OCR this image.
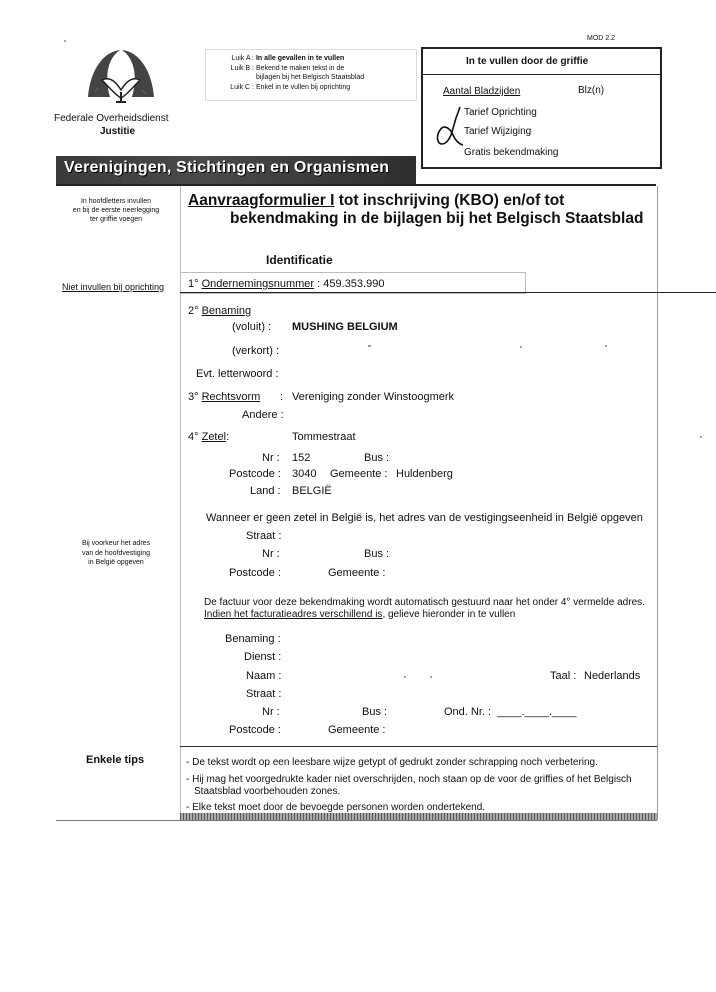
MOD 2.2
Federale Overheidsdienst
Justitie
Luik A : In alle gevallen in te vullen
Luik B : Bekend te maken tekst in de
bijlagen bij het Belgisch Staatsblad
Luik C : Enkel in te vullen bij oprichting
In te vullen door de griffie
Aantal Bladzijden	Blz(n)
Tarief Oprichting
Tarief Wijziging
Gratis bekendmaking
Verenigingen, Stichtingen en Organismen
In hoofdletters invullen
en bij de eerste neerlegging
ter griffie voegen
Niet invullen bij oprichting
Bij voorkeur het adres
van de hoofdvestiging
in België opgeven
Enkele tips
Aanvraagformulier I tot inschrijving (KBO) en/of tot
bekendmaking in de bijlagen bij het Belgisch Staatsblad
Identificatie
1° Ondernemingsnummer : 459.353.990
2° Benaming
(voluit) : MUSHING BELGIUM
(verkort) :
Evt. letterwoord :
3° Rechtsvorm : Vereniging zonder Winstoogmerk
Andere :
4° Zetel:	Tommestraat
Nr : 152	Bus :
Postcode : 3040 Gemeente : Huldenberg
Land : BELGIË
Wanneer er geen zetel in België is, het adres van de vestigingseenheid in België opgeven
Straat :
Nr :	Bus :
Postcode :	Gemeente :
De factuur voor deze bekendmaking wordt automatisch gestuurd naar het onder 4° vermelde adres.
Indien het facturatieadres verschillend is, gelieve hieronder in te vullen
Benaming :
Dienst :
Naam :	Taal : Nederlands
Straat :
Nr :	Bus :	Ond. Nr. : ____.____.____
Postcode :	Gemeente :
- De tekst wordt op een leesbare wijze getypt of gedrukt zonder schrapping noch verbetering.
- Hij mag het voorgedrukte kader niet overschrijden, noch staan op de voor de griffies of het Belgisch
Staatsblad voorbehouden zones.
- Elke tekst moet door de bevoegde personen worden ondertekend.
